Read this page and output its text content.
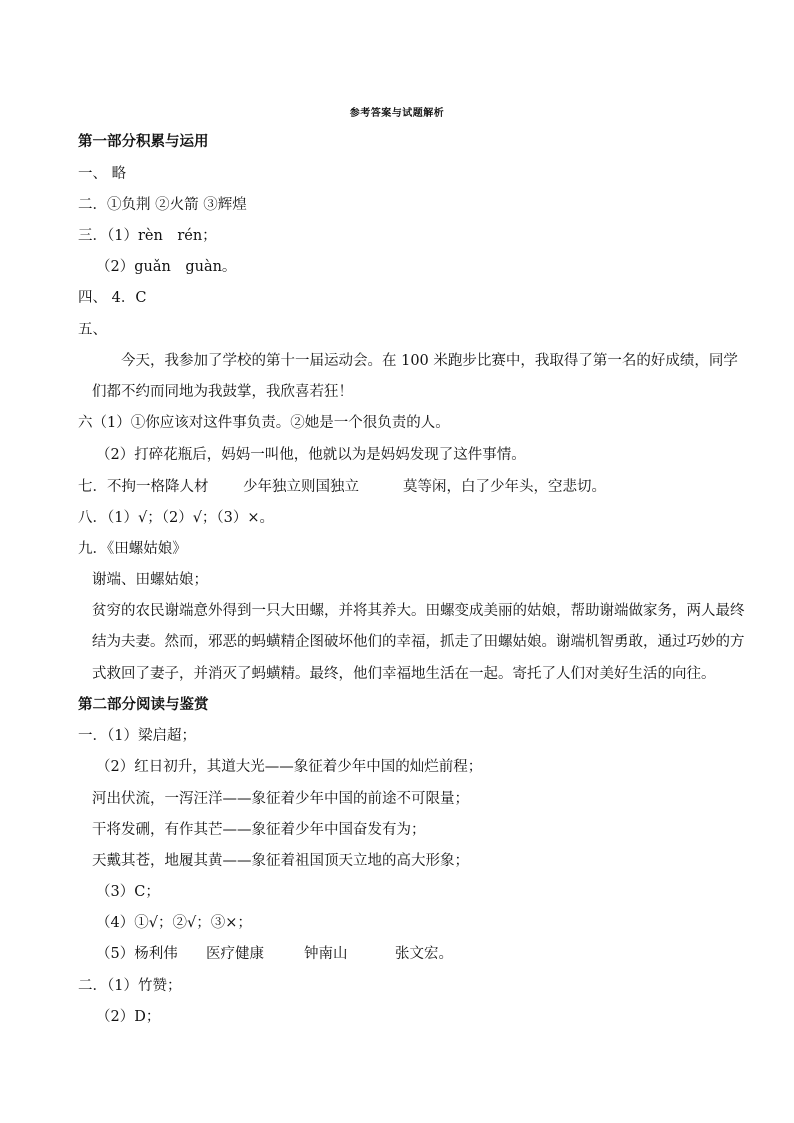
参考答案与试题解析
第一部分积累与运用
一、 略
二．①负荆 ②火箭 ③辉煌
三．（1）rèn　rén；
（2）guǎn　guàn。
四、 4．C
五、
今天，我参加了学校的第十一届运动会。在 100 米跑步比赛中，我取得了第一名的好成绩，同学
们都不约而同地为我鼓掌，我欣喜若狂！
六（1）①你应该对这件事负责。②她是一个很负责的人。
（2）打碎花瓶后，妈妈一叫他，他就以为是妈妈发现了这件事情。
七．不拘一格降人材 少年独立则国独立	莫等闲，白了少年头，空悲切。
八．（1）√；（2）√；（3）×。
九．《田螺姑娘》
谢端、田螺姑娘；
贫穷的农民谢端意外得到一只大田螺，并将其养大。田螺变成美丽的姑娘，帮助谢端做家务，两人最终
结为夫妻。然而，邪恶的蚂蟥精企图破坏他们的幸福，抓走了田螺姑娘。谢端机智勇敢，通过巧妙的方
式救回了妻子，并消灭了蚂蟥精。最终，他们幸福地生活在一起。寄托了人们对美好生活的向往。
第二部分阅读与鉴赏
一．（1）梁启超；
（2）红日初升，其道大光——象征着少年中国的灿烂前程；
河出伏流，一泻汪洋——象征着少年中国的前途不可限量；
干将发硎，有作其芒——象征着少年中国奋发有为；
天戴其苍，地履其黄——象征着祖国顶天立地的高大形象；
（3）C；
（4）①√；②√；③×；
（5）杨利伟 医疗健康	钟南山	张文宏。
二．（1）竹赞；
（2）D；
